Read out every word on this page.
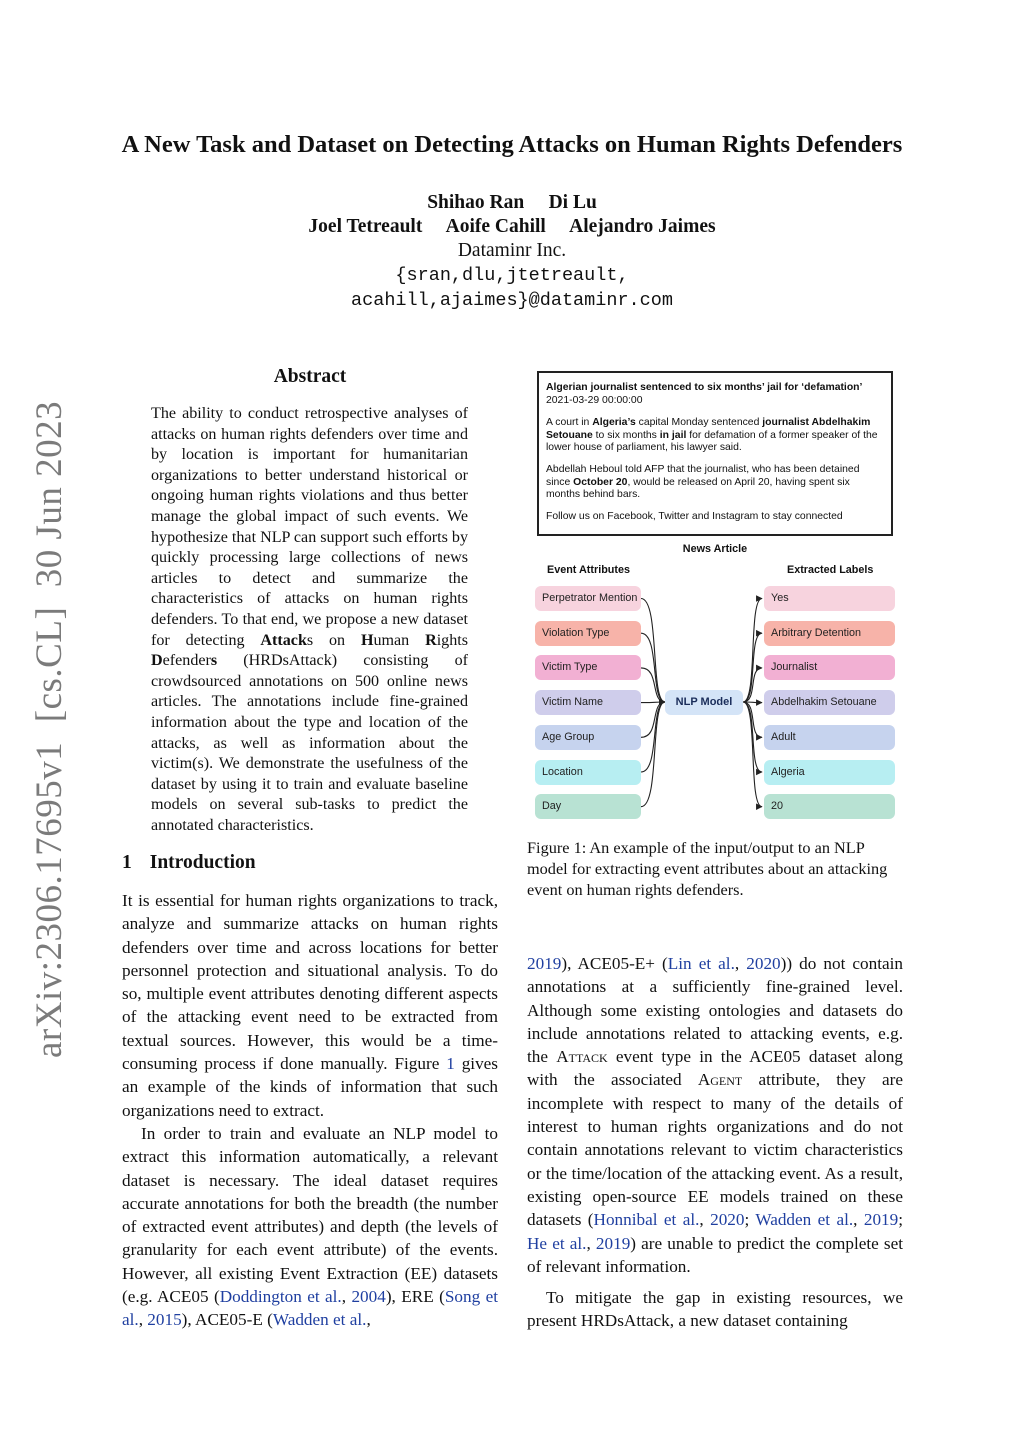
A New Task and Dataset on Detecting Attacks on Human Rights Defenders
Shihao Ran     Di Lu
Joel Tetreault     Aoife Cahill     Alejandro Jaimes
Dataminr Inc.
{sran,dlu,jtetreault,
acahill,ajaimes}@dataminr.com
arXiv:2306.17695v1  [cs.CL]  30 Jun 2023
Abstract
The ability to conduct retrospective analyses of attacks on human rights defenders over time and by location is important for humanitarian organizations to better understand historical or ongoing human rights violations and thus better manage the global impact of such events. We hypothesize that NLP can support such efforts by quickly processing large collections of news articles to detect and summarize the characteristics of attacks on human rights defenders. To that end, we propose a new dataset for detecting Attacks on Human Rights Defenders (HRDsAttack) consisting of crowdsourced annotations on 500 online news articles. The annotations include fine-grained information about the type and location of the attacks, as well as information about the victim(s). We demonstrate the usefulness of the dataset by using it to train and evaluate baseline models on several sub-tasks to predict the annotated characteristics.
1 Introduction

It is essential for human rights organizations to track, analyze and summarize attacks on human rights defenders over time and across locations for better personnel protection and situational analysis. To do so, multiple event attributes denoting different aspects of the attacking event need to be extracted from textual sources. However, this would be a time-consuming process if done manually. Figure 1 gives an example of the kinds of information that such organizations need to extract.

In order to train and evaluate an NLP model to extract this information automatically, a relevant dataset is necessary. The ideal dataset requires accurate annotations for both the breadth (the number of extracted event attributes) and depth (the levels of granularity for each event attribute) of the events. However, all existing Event Extraction (EE) datasets (e.g. ACE05 (Doddington et al., 2004), ERE (Song et al., 2015), ACE05-E (Wadden et al.,

2019), ACE05-E+ (Lin et al., 2020)) do not contain annotations at a sufficiently fine-grained level. Although some existing ontologies and datasets do include annotations related to attacking events, e.g. the Attack event type in the ACE05 dataset along with the associated Agent attribute, they are incomplete with respect to many of the details of interest to human rights organizations and do not contain annotations relevant to victim characteristics or the time/location of the attacking event. As a result, existing open-source EE models trained on these datasets (Honnibal et al., 2020; Wadden et al., 2019; He et al., 2019) are unable to predict the complete set of relevant information.

To mitigate the gap in existing resources, we present HRDsAttack, a new dataset containing

Algerian journalist sentenced to six months’ jail for ‘defamation’

2021-03-29 00:00:00

A court in Algeria’s capital Monday sentenced journalist Abdelhakim Setouane to six months in jail for defamation of a former speaker of the lower house of parliament, his lawyer said.

Abdellah Heboul told AFP that the journalist, who has been detained since October 20, would be released on April 20, having spent six months behind bars.

Follow us on Facebook, Twitter and Instagram to stay connected

News Article
Event Attributes	Extracted Labels
Perpetrator Mention
Violation Type
Victim Type
Victim Name
Age Group
Location
Day
Yes
Arbitrary Detention
Journalist
Abdelhakim Setouane
Adult
Algeria
20
NLP Model
Figure 1: An example of the input/output to an NLP model for extracting event attributes about an attacking event on human rights defenders.
